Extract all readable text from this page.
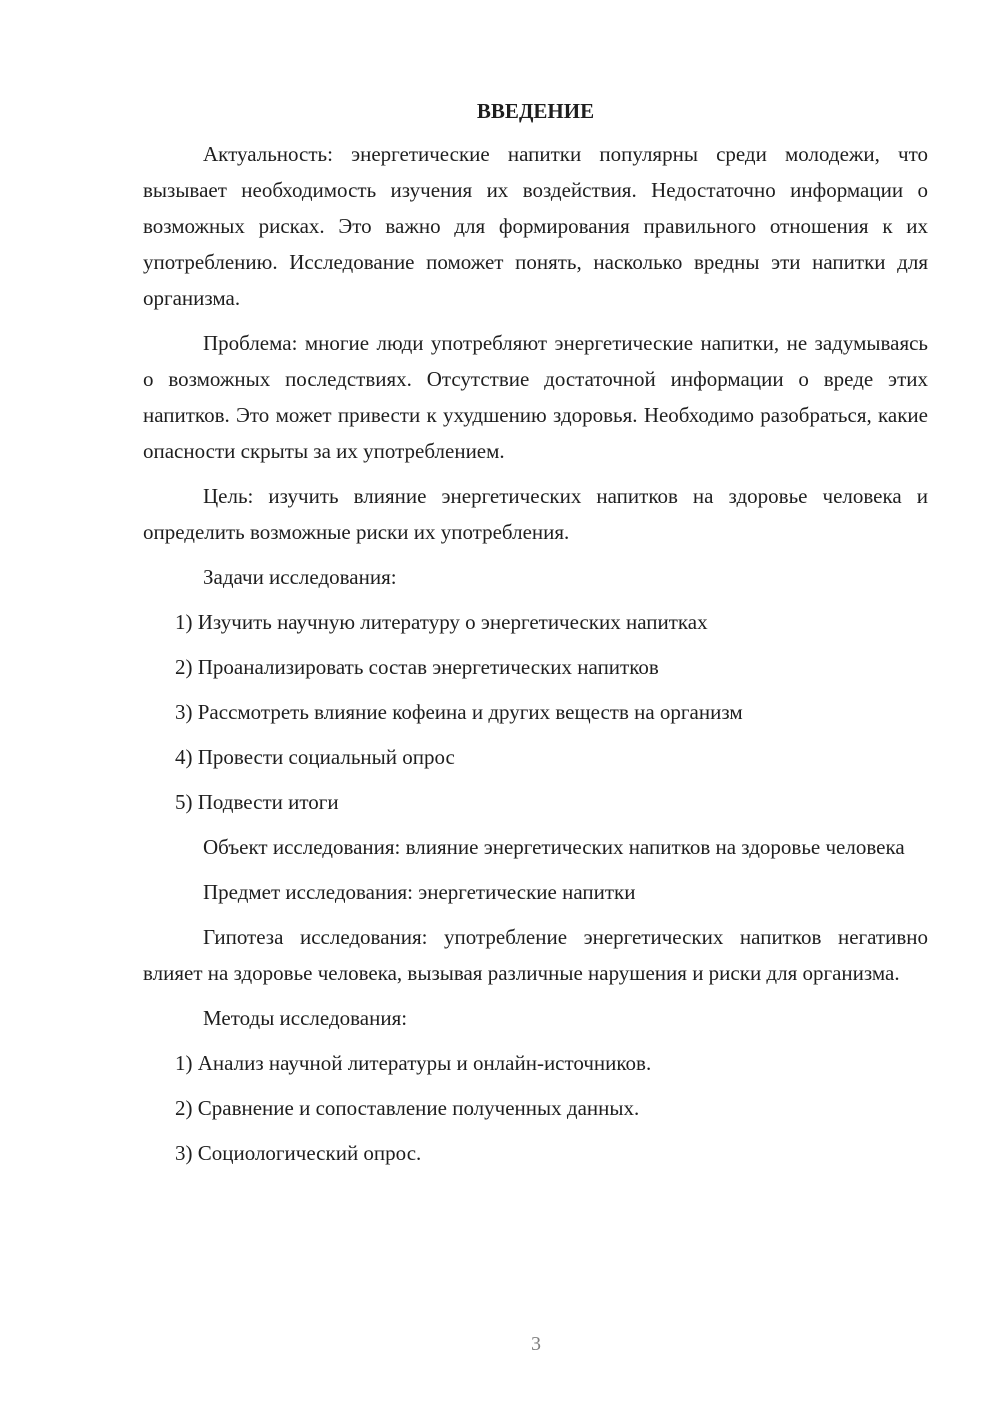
ВВЕДЕНИЕ

Актуальность: энергетические напитки популярны среди молодежи, что вызывает необходимость изучения их воздействия. Недостаточно информации о возможных рисках. Это важно для формирования правильного отношения к их употреблению. Исследование поможет понять, насколько вредны эти напитки для организма.

Проблема: многие люди употребляют энергетические напитки, не задумываясь о возможных последствиях. Отсутствие достаточной информации о вреде этих напитков. Это может привести к ухудшению здоровья. Необходимо разобраться, какие опасности скрыты за их употреблением.

Цель: изучить влияние энергетических напитков на здоровье человека и определить возможные риски их употребления.

Задачи исследования:

1) Изучить научную литературу о энергетических напитках

2) Проанализировать состав энергетических напитков

3) Рассмотреть влияние кофеина и других веществ на организм

4) Провести социальный опрос

5) Подвести итоги

Объект исследования: влияние энергетических напитков на здоровье человека

Предмет исследования: энергетические напитки

Гипотеза исследования: употребление энергетических напитков негативно влияет на здоровье человека, вызывая различные нарушения и риски для организма.

Методы исследования:

1) Анализ научной литературы и онлайн-источников.

2) Сравнение и сопоставление полученных данных.

3) Социологический опрос.

3
